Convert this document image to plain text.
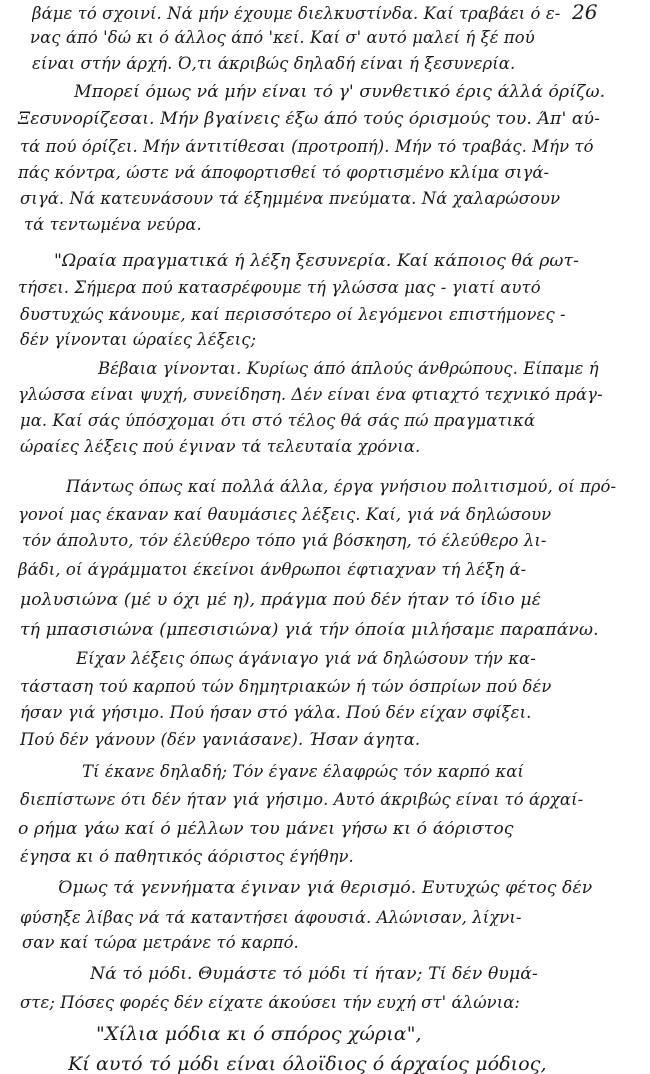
26
βάμε τό σχοινί. Νά μήν έχουμε διελκυστίνδα. Καί τραβάει ό ε-
νας άπό 'δώ κι ό άλλος άπό 'κεί. Καί σ' αυτό μαλεί ή ξέ πού
είναι στήν άρχή. Ό,τι άκριβώς δηλαδή είναι ή ξεσυνερία.
Μπορεί όμως νά μήν είναι τό γ' συνθετικό έρις άλλά όρίζω.
Ξεσυνορίζεσαι. Μήν βγαίνεις έξω άπό τούς όρισμούς του. Άπ' αύ-
τά πού όρίζει. Μήν άντιτίθεσαι (προτροπή). Μήν τό τραβάς. Μήν τό
πάς κόντρα, ώστε νά άποφορτισθεί τό φορτισμένο κλίμα σιγά-
σιγά. Νά κατευνάσουν τά έξημμένα πνεύματα. Νά χαλαρώσουν
τά τεντωμένα νεύρα.
"Ωραία πραγματικά ή λέξη ξεσυνερία. Καί κάποιος θά ρωτ-
τήσει. Σήμερα πού κατασρέφουμε τή γλώσσα μας - γιατί αυτό
δυστυχώς κάνουμε, καί περισσότερο οί λεγόμενοι επιστήμονες -
δέν γίνονται ώραίες λέξεις;
Βέβαια γίνονται. Κυρίως άπό άπλούς άνθρώπους. Είπαμε ή
γλώσσα είναι ψυχή, συνείδηση. Δέν είναι ένα φτιαχτό τεχνικό πράγ-
μα. Καί σάς ύπόσχομαι ότι στό τέλος θά σάς πώ πραγματικά
ώραίες λέξεις πού έγιναν τά τελευταία χρόνια.
Πάντως όπως καί πολλά άλλα, έργα γνήσιου πολιτισμού, οί πρό-
γονοί μας έκαναν καί θαυμάσιες λέξεις. Καί, γιά νά δηλώσουν
τόν άπολυτο, τόν έλεύθερο τόπο γιά βόσκηση, τό έλεύθερο λι-
βάδι, οί άγράμματοι έκείνοι άνθρωποι έφτιαχναν τή λέξη ά-
μολυσιώνα (μέ υ όχι μέ η), πράγμα πού δέν ήταν τό ίδιο μέ
τή μπασισιώνα (μπεσισιώνα) γιά τήν όποία μιλήσαμε παραπάνω.
Είχαν λέξεις όπως άγάνιαγο γιά νά δηλώσουν τήν κα-
τάσταση τού καρπού τών δημητριακών ή τών όσπρίων πού δέν
ήσαν γιά γήσιμο. Πού ήσαν στό γάλα. Πού δέν είχαν σφίξει.
Πού δέν γάνουν (δέν γανιάσανε). Ήσαν άγητα.
Τί έκανε δηλαδή; Τόν έγανε έλαφρώς τόν καρπό καί
διεπίστωνε ότι δέν ήταν γιά γήσιμο. Αυτό άκριβώς είναι τό άρχαί-
ο ρήμα γάω καί ό μέλλων του μάνει γήσω κι ό άόριστος
έγησα κι ό παθητικός άόριστος έγήθην.
Όμως τά γεννήματα έγιναν γιά θερισμό. Ευτυχώς φέτος δέν
φύσηξε λίβας νά τά καταντήσει άφουσιά. Αλώνισαν, λίχνι-
σαν καί τώρα μετράνε τό καρπό.
Νά τό μόδι. Θυμάστε τό μόδι τί ήταν; Τί δέν θυμά-
στε; Πόσες φορές δέν είχατε άκούσει τήν ευχή στ' άλώνια:
"Χίλια μόδια κι ό σπόρος χώρια",
Κί αυτό τό μόδι είναι όλοϊδιος ό άρχαίος μόδιος,
